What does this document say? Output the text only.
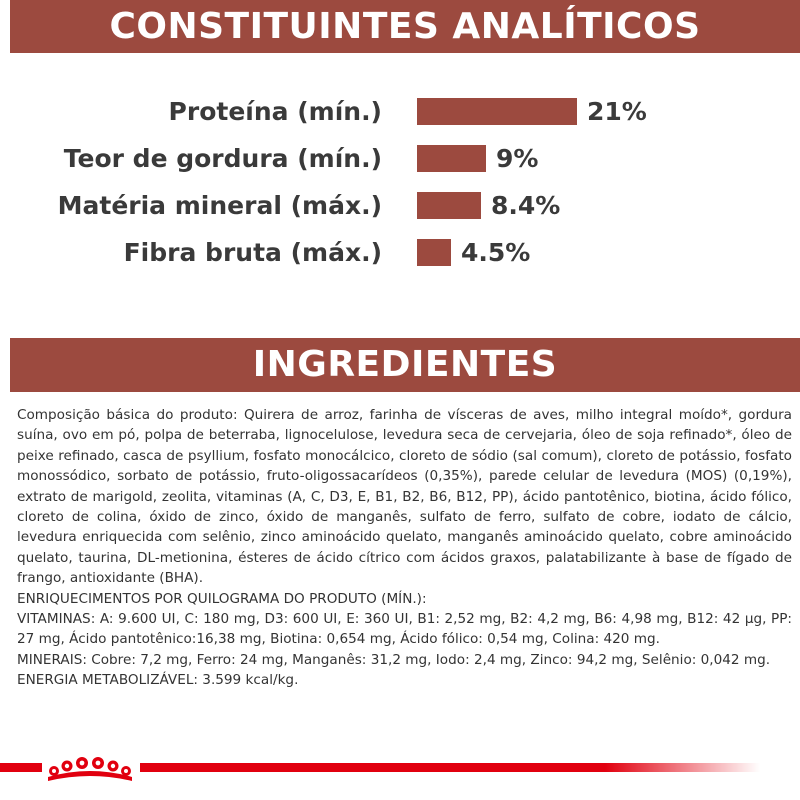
CONSTITUINTES ANALÍTICOS
Proteína (mín.)	21%
Teor de gordura (mín.)	9%
Matéria mineral (máx.)	8.4%
Fibra bruta (máx.)	4.5%
INGREDIENTES

Composição básica do produto: Quirera de arroz, farinha de vísceras de aves, milho integral moído*, gordura suína, ovo em pó, polpa de beterraba, lignocelulose, levedura seca de cervejaria, óleo de soja refinado*, óleo de peixe refinado, casca de psyllium, fosfato monocálcico, cloreto de sódio (sal comum), cloreto de potássio, fosfato monossódico, sorbato de potássio, fruto-oligossacarídeos (0,35%), parede celular de levedura (MOS) (0,19%), extrato de marigold, zeolita, vitaminas (A, C, D3, E, B1, B2, B6, B12, PP), ácido pantotênico, biotina, ácido fólico, cloreto de colina, óxido de zinco, óxido de manganês, sulfato de ferro, sulfato de cobre, iodato de cálcio, levedura enriquecida com selênio, zinco aminoácido quelato, manganês aminoácido quelato, cobre aminoácido quelato, taurina, DL-metionina, ésteres de ácido cítrico com ácidos graxos, palatabilizante à base de fígado de frango, antioxidante (BHA).

ENRIQUECIMENTOS POR QUILOGRAMA DO PRODUTO (MÍN.):

VITAMINAS: A: 9.600 UI, C: 180 mg, D3: 600 UI, E: 360 UI, B1: 2,52 mg, B2: 4,2 mg, B6: 4,98 mg, B12: 42 µg, PP: 27 mg, Ácido pantotênico:16,38 mg, Biotina: 0,654 mg, Ácido fólico: 0,54 mg, Colina: 420 mg.

MINERAIS: Cobre: 7,2 mg, Ferro: 24 mg, Manganês: 31,2 mg, Iodo: 2,4 mg, Zinco: 94,2 mg, Selênio: 0,042 mg.

ENERGIA METABOLIZÁVEL: 3.599 kcal/kg.
